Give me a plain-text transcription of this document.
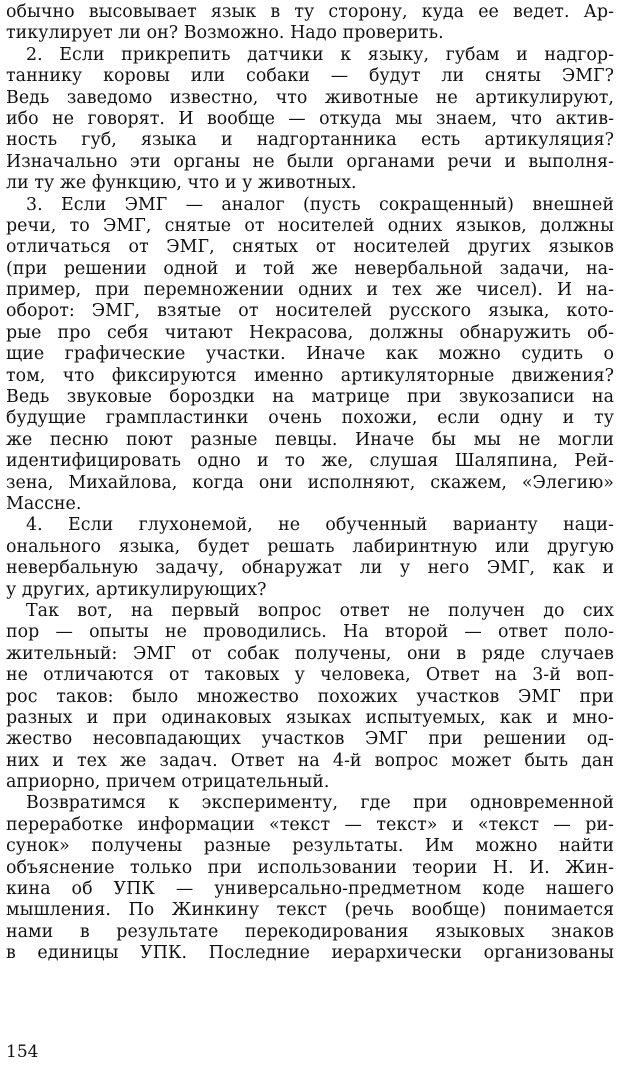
обычно высовывает язык в ту сторону, куда ее ведет. Ар-
тикулирует ли он? Возможно. Надо проверить.
2. Если прикрепить датчики к языку, губам и надгор-
таннику коровы или собаки — будут ли сняты ЭМГ?
Ведь заведомо известно, что животные не артикулируют,
ибо не говорят. И вообще — откуда мы знаем, что актив-
ность губ, языка и надгортанника есть артикуляция?
Изначально эти органы не были органами речи и выполня-
ли ту же функцию, что и у животных.
3. Если ЭМГ — аналог (пусть сокращенный) внешней
речи, то ЭМГ, снятые от носителей одних языков, должны
отличаться от ЭМГ, снятых от носителей других языков
(при решении одной и той же невербальной задачи, на-
пример, при перемножении одних и тех же чисел). И на-
оборот: ЭМГ, взятые от носителей русского языка, кото-
рые про себя читают Некрасова, должны обнаружить об-
щие графические участки. Иначе как можно судить о
том, что фиксируются именно артикуляторные движения?
Ведь звуковые бороздки на матрице при звукозаписи на
будущие грампластинки очень похожи, если одну и ту
же песню поют разные певцы. Иначе бы мы не могли
идентифицировать одно и то же, слушая Шаляпина, Рей-
зена, Михайлова, когда они исполняют, скажем, «Элегию»
Массне.
4. Если глухонемой, не обученный варианту наци-
онального языка, будет решать лабиринтную или другую
невербальную задачу, обнаружат ли у него ЭМГ, как и
у других, артикулирующих?
Так вот, на первый вопрос ответ не получен до сих
пор — опыты не проводились. На второй — ответ поло-
жительный: ЭМГ от собак получены, они в ряде случаев
не отличаются от таковых у человека, Ответ на 3-й воп-
рос таков: было множество похожих участков ЭМГ при
разных и при одинаковых языках испытуемых, как и мно-
жество несовпадающих участков ЭМГ при решении од-
них и тех же задач. Ответ на 4-й вопрос может быть дан
априорно, причем отрицательный.
Возвратимся к эксперименту, где при одновременной
переработке информации «текст — текст» и «текст — ри-
сунок» получены разные результаты. Им можно найти
объяснение только при использовании теории Н. И. Жин-
кина об УПК — универсально-предметном коде нашего
мышления. По Жинкину текст (речь вообще) понимается
нами в результате перекодирования языковых знаков
в единицы УПК. Последние иерархически организованы
154
